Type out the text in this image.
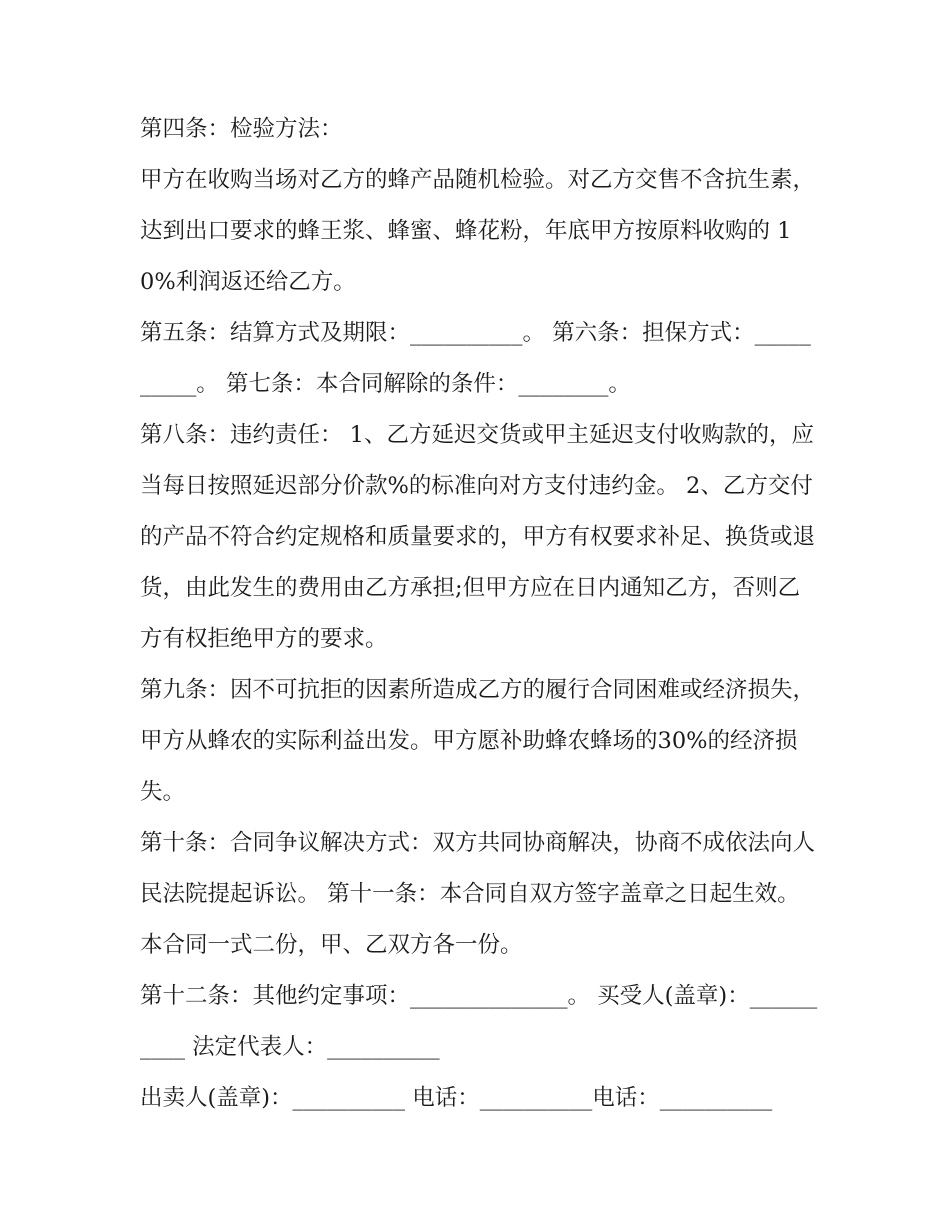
第四条：检验方法：

甲方在收购当场对乙方的蜂产品随机检验。对乙方交售不含抗生素，达到出口要求的蜂王浆、蜂蜜、蜂花粉，年底甲方按原料收购的 10%利润返还给乙方。

第五条：结算方式及期限：__________。 第六条：担保方式：__________。 第七条：本合同解除的条件：________。

第八条：违约责任： 1、乙方延迟交货或甲主延迟支付收购款的，应当每日按照延迟部分价款%的标准向对方支付违约金。 2、乙方交付的产品不符合约定规格和质量要求的，甲方有权要求补足、换货或退货，由此发生的费用由乙方承担;但甲方应在日内通知乙方，否则乙方有权拒绝甲方的要求。

第九条：因不可抗拒的因素所造成乙方的履行合同困难或经济损失，甲方从蜂农的实际利益出发。甲方愿补助蜂农蜂场的30%的经济损失。

第十条：合同争议解决方式：双方共同协商解决，协商不成依法向人民法院提起诉讼。 第十一条：本合同自双方签字盖章之日起生效。本合同一式二份，甲、乙双方各一份。

第十二条：其他约定事项：______________。 买受人(盖章)：__________ 法定代表人：__________

出卖人(盖章)：__________ 电话：__________电话：__________
